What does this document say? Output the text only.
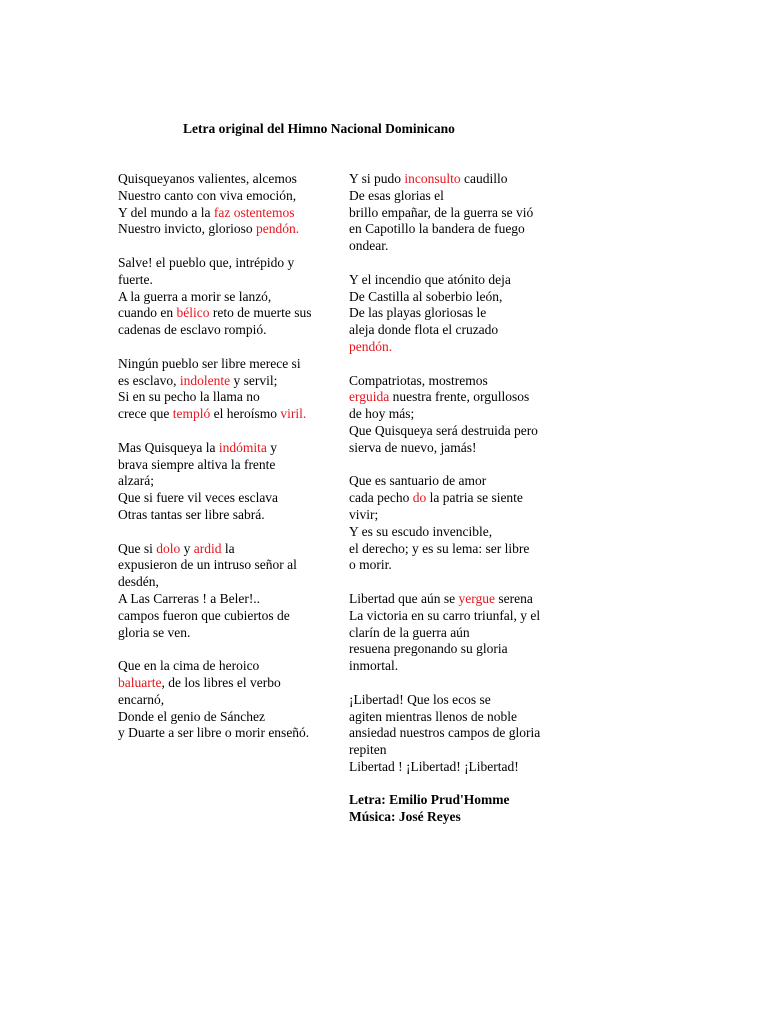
Letra original del Himno Nacional Dominicano
Quisqueyanos valientes, alcemos
Nuestro canto con viva emoción,
Y del mundo a la faz ostentemos
Nuestro invicto, glorioso pendón.
Salve! el pueblo que, intrépido y
fuerte.
A la guerra a morir se lanzó,
cuando en bélico reto de muerte sus
cadenas de esclavo rompió.
Ningún pueblo ser libre merece si
es esclavo, indolente y servil;
Si en su pecho la llama no
crece que templó el heroísmo viril.
Mas Quisqueya la indómita y
brava siempre altiva la frente
alzará;
Que si fuere vil veces esclava
Otras tantas ser libre sabrá.
Que si dolo y ardid la
expusieron de un intruso señor al
desdén,
A Las Carreras ! a Beler!..
campos fueron que cubiertos de
gloria se ven.
Que en la cima de heroico
baluarte, de los libres el verbo
encarnó,
Donde el genio de Sánchez
y Duarte a ser libre o morir enseñó.
Y si pudo inconsulto caudillo
De esas glorias el
brillo empañar, de la guerra se vió
en Capotillo la bandera de fuego
ondear.
Y el incendio que atónito deja
De Castilla al soberbio león,
De las playas gloriosas le
aleja donde flota el cruzado
pendón.
Compatriotas, mostremos
erguida nuestra frente, orgullosos
de hoy más;
Que Quisqueya será destruida pero
sierva de nuevo, jamás!
Que es santuario de amor
cada pecho do la patria se siente
vivir;
Y es su escudo invencible,
el derecho; y es su lema: ser libre
o morir.
Libertad que aún se yergue serena
La victoria en su carro triunfal, y el
clarín de la guerra aún
resuena pregonando su gloria
inmortal.
¡Libertad! Que los ecos se
agiten mientras llenos de noble
ansiedad nuestros campos de gloria
repiten
Libertad ! ¡Libertad! ¡Libertad!
Letra: Emilio Prud'Homme
Música: José Reyes
